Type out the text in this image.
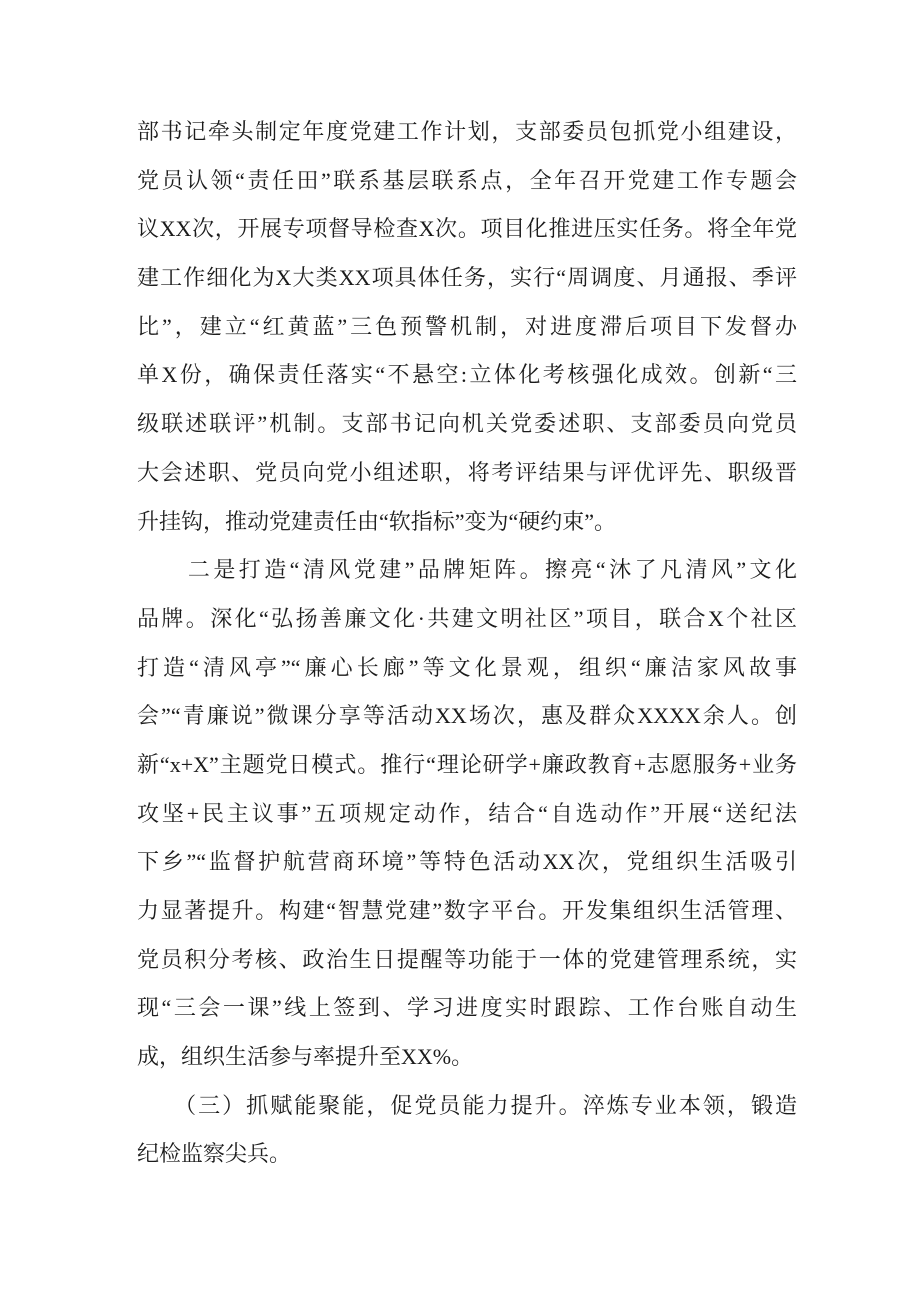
部书记牵头制定年度党建工作计划，支部委员包抓党小组建设，
党员认领“责任田”联系基层联系点，全年召开党建工作专题会
议XX次，开展专项督导检查X次。项目化推进压实任务。将全年党
建工作细化为X大类XX项具体任务，实行“周调度、月通报、季评
比”，建立“红黄蓝”三色预警机制，对进度滞后项目下发督办
单X份，确保责任落实“不悬空:立体化考核强化成效。创新“三
级联述联评”机制。支部书记向机关党委述职、支部委员向党员
大会述职、党员向党小组述职，将考评结果与评优评先、职级晋
升挂钩，推动党建责任由“软指标”变为“硬约束”。
　　二是打造“清风党建”品牌矩阵。擦亮“沐了凡清风”文化
品牌。深化“弘扬善廉文化·共建文明社区”项目，联合X个社区
打造“清风亭”“廉心长廊”等文化景观，组织“廉洁家风故事
会”“青廉说”微课分享等活动XX场次，惠及群众XXXX余人。创
新“x+X”主题党日模式。推行“理论研学+廉政教育+志愿服务+业务
攻坚+民主议事”五项规定动作，结合“自选动作”开展“送纪法
下乡”“监督护航营商环境”等特色活动XX次，党组织生活吸引
力显著提升。构建“智慧党建”数字平台。开发集组织生活管理、
党员积分考核、政治生日提醒等功能于一体的党建管理系统，实
现“三会一课”线上签到、学习进度实时跟踪、工作台账自动生
成，组织生活参与率提升至XX%。
　　（三）抓赋能聚能，促党员能力提升。淬炼专业本领，锻造
纪检监察尖兵。
